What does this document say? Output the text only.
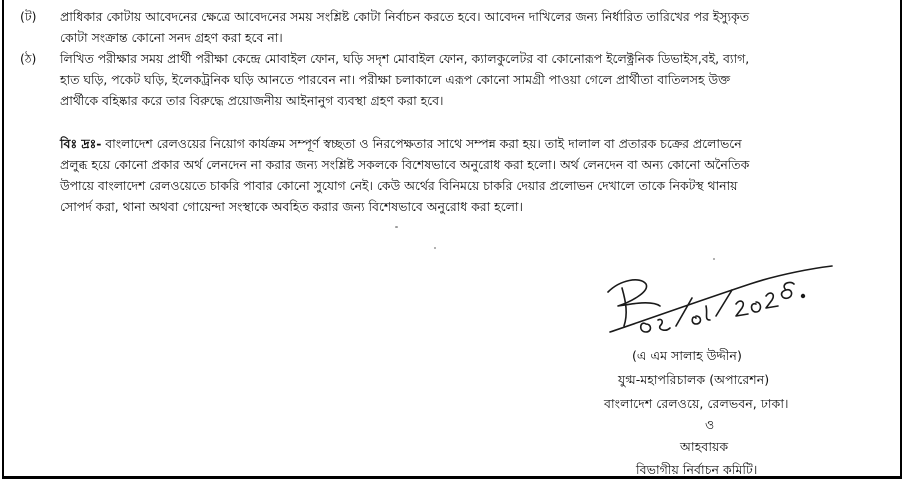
(ট) প্রাধিকার কোটায় আবেদনের ক্ষেত্রে আবেদনের সময় সংশ্লিষ্ট কোটা নির্বাচন করতে হবে। আবেদন দাখিলের জন্য নির্ধারিত তারিখের পর ইস্যুকৃত
কোটা সংক্রান্ত কোনো সনদ গ্রহণ করা হবে না।
(ঠ) লিখিত পরীক্ষার সময় প্রার্থী পরীক্ষা কেন্দ্রে মোবাইল ফোন, ঘড়ি সদৃশ মোবাইল ফোন, ক্যালকুলেটর বা কোনোরূপ ইলেক্ট্রনিক ডিভাইস,বই, ব্যাগ,
হাত ঘড়ি, পকেট ঘড়ি, ইলেকট্রনিক ঘড়ি আনতে পারবেন না। পরীক্ষা চলাকালে এরূপ কোনো সামগ্রী পাওয়া গেলে প্রার্থীতা বাতিলসহ উক্ত
প্রার্থীকে বহিষ্কার করে তার বিরুদ্ধে প্রয়োজনীয় আইনানুগ ব্যবস্থা গ্রহণ করা হবে।
বিঃ দ্রঃ- বাংলাদেশ রেলওয়ের নিয়োগ কার্যক্রম সম্পূর্ণ স্বচ্ছতা ও নিরপেক্ষতার সাথে সম্পন্ন করা হয়। তাই দালাল বা প্রতারক চক্রের প্রলোভনে
প্রলুব্ধ হয়ে কোনো প্রকার অর্থ লেনদেন না করার জন্য সংশ্লিষ্ট সকলকে বিশেষভাবে অনুরোধ করা হলো। অর্থ লেনদেন বা অন্য কোনো অনৈতিক
উপায়ে বাংলাদেশ রেলওয়েতে চাকরি পাবার কোনো সুযোগ নেই। কেউ অর্থের বিনিময়ে চাকরি দেয়ার প্রলোভন দেখালে তাকে নিকটস্থ থানায়
সোপর্দ করা, থানা অথবা গোয়েন্দা সংস্থাকে অবহিত করার জন্য বিশেষভাবে অনুরোধ করা হলো।
(এ এম সালাহ উদ্দীন)
যুগ্ম-মহাপরিচালক (অপারেশন)
বাংলাদেশ রেলওয়ে, রেলভবন, ঢাকা।
ও
আহবায়ক
বিভাগীয় নির্বাচন কমিটি।
